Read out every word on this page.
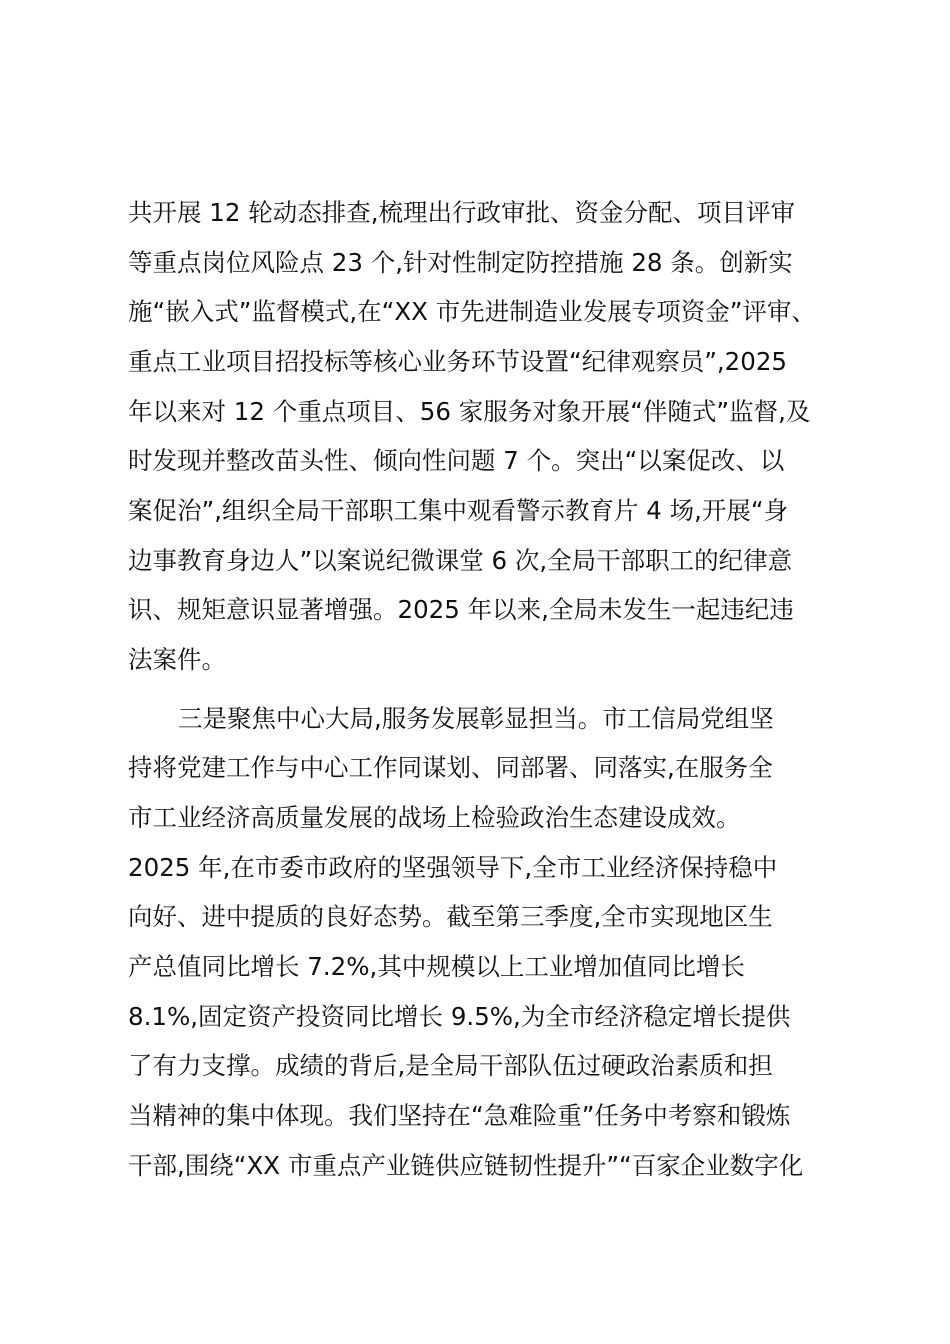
共开展 12 轮动态排查,梳理出行政审批、资金分配、项目评审
等重点岗位风险点 23 个,针对性制定防控措施 28 条。创新实
施“嵌入式”监督模式,在“XX 市先进制造业发展专项资金”评审、
重点工业项目招投标等核心业务环节设置“纪律观察员”,2025
年以来对 12 个重点项目、56 家服务对象开展“伴随式”监督,及
时发现并整改苗头性、倾向性问题 7 个。突出“以案促改、以
案促治”,组织全局干部职工集中观看警示教育片 4 场,开展“身
边事教育身边人”以案说纪微课堂 6 次,全局干部职工的纪律意
识、规矩意识显著增强。2025 年以来,全局未发生一起违纪违
法案件。
三是聚焦中心大局,服务发展彰显担当。市工信局党组坚
持将党建工作与中心工作同谋划、同部署、同落实,在服务全
市工业经济高质量发展的战场上检验政治生态建设成效。
2025 年,在市委市政府的坚强领导下,全市工业经济保持稳中
向好、进中提质的良好态势。截至第三季度,全市实现地区生
产总值同比增长 7.2%,其中规模以上工业增加值同比增长
8.1%,固定资产投资同比增长 9.5%,为全市经济稳定增长提供
了有力支撑。成绩的背后,是全局干部队伍过硬政治素质和担
当精神的集中体现。我们坚持在“急难险重”任务中考察和锻炼
干部,围绕“XX 市重点产业链供应链韧性提升”“百家企业数字化
